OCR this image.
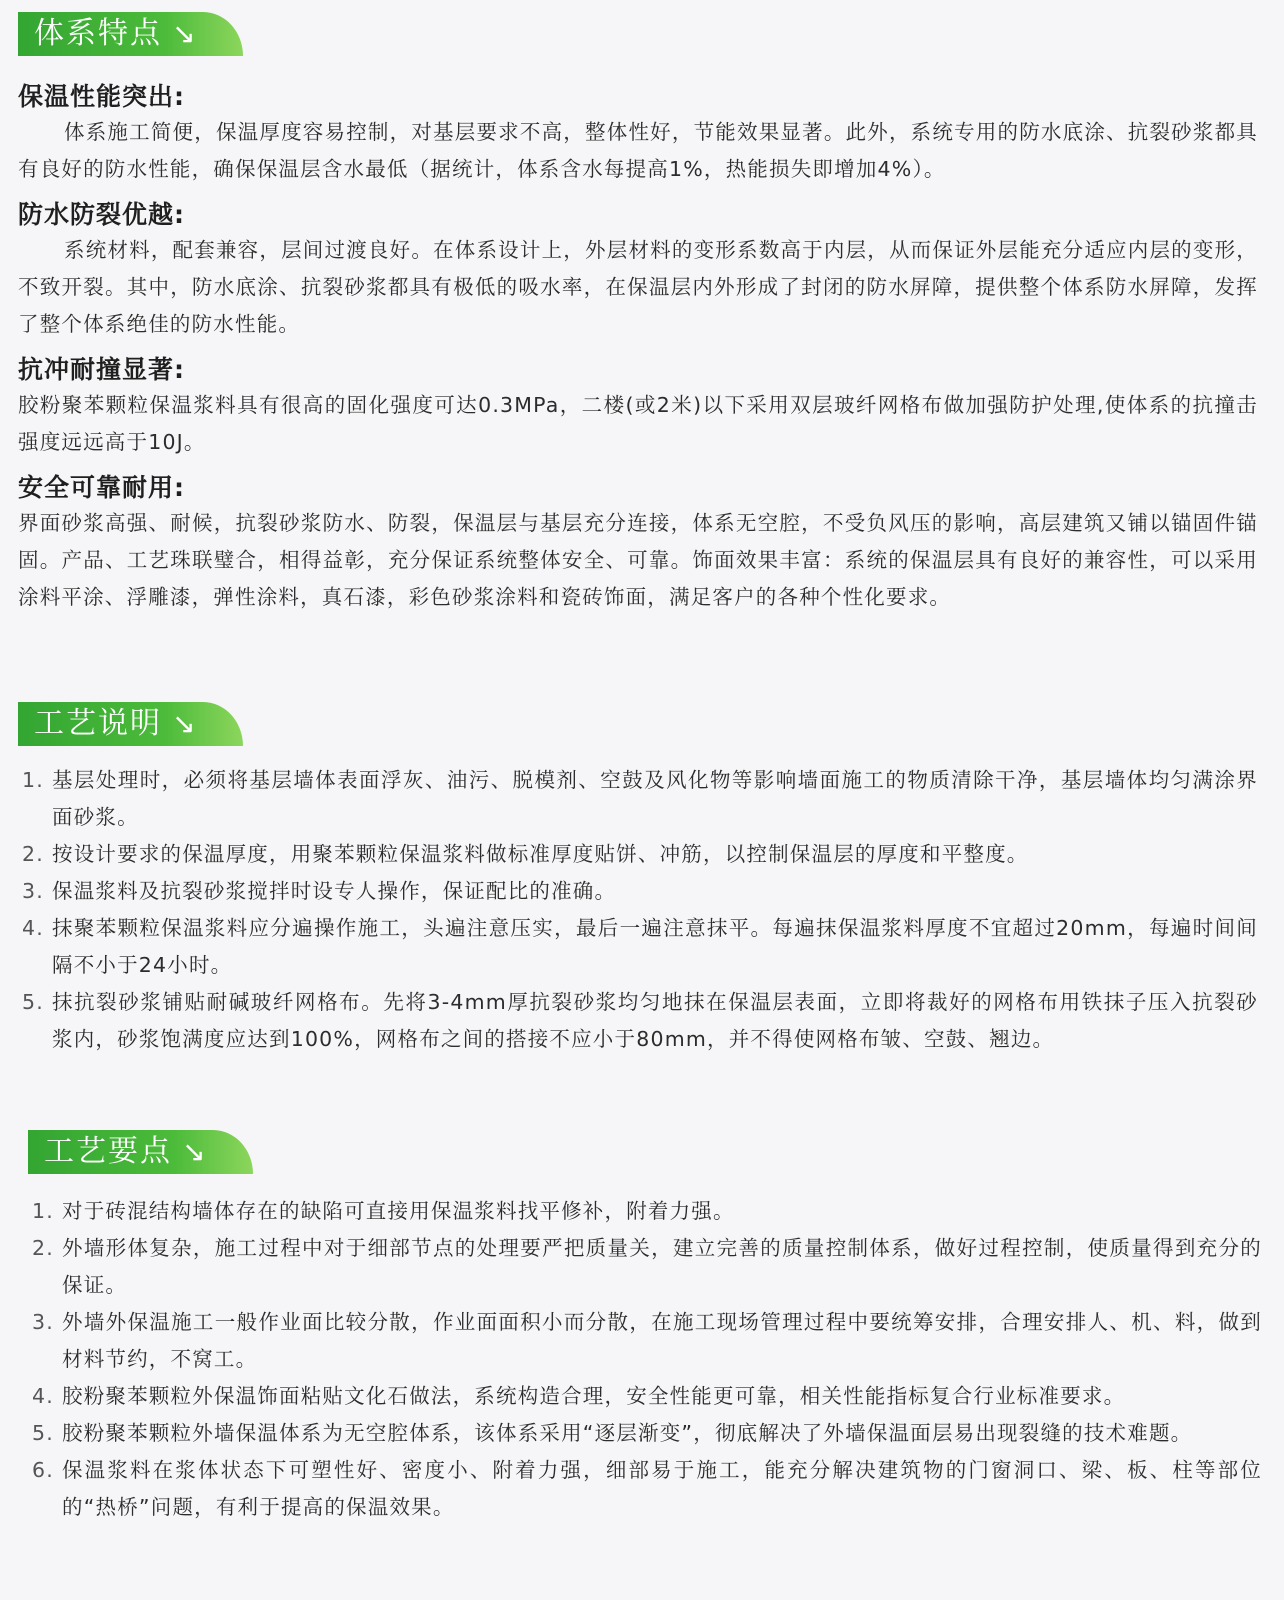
体系特点 ↘

保温性能突出:

体系施工简便，保温厚度容易控制，对基层要求不高，整体性好，节能效果显著。此外，系统专用的防水底涂、抗裂砂浆都具有良好的防水性能，确保保温层含水最低（据统计，体系含水每提高1%，热能损失即增加4%）。

防水防裂优越:

系统材料，配套兼容，层间过渡良好。在体系设计上，外层材料的变形系数高于内层，从而保证外层能充分适应内层的变形，不致开裂。其中，防水底涂、抗裂砂浆都具有极低的吸水率，在保温层内外形成了封闭的防水屏障，提供整个体系防水屏障，发挥了整个体系绝佳的防水性能。

抗冲耐撞显著:

胶粉聚苯颗粒保温浆料具有很高的固化强度可达0.3MPa，二楼(或2米)以下采用双层玻纤网格布做加强防护处理,使体系的抗撞击强度远远高于10J。

安全可靠耐用:

界面砂浆高强、耐候，抗裂砂浆防水、防裂，保温层与基层充分连接，体系无空腔，不受负风压的影响，高层建筑又铺以锚固件锚固。产品、工艺珠联璧合，相得益彰，充分保证系统整体安全、可靠。饰面效果丰富：系统的保温层具有良好的兼容性，可以采用涂料平涂、浮雕漆，弹性涂料，真石漆，彩色砂浆涂料和瓷砖饰面，满足客户的各种个性化要求。

工艺说明 ↘
1. 基层处理时，必须将基层墙体表面浮灰、油污、脱模剂、空鼓及风化物等影响墙面施工的物质清除干净，基层墙体均匀满涂界面砂浆。
2. 按设计要求的保温厚度，用聚苯颗粒保温浆料做标准厚度贴饼、冲筋，以控制保温层的厚度和平整度。
3. 保温浆料及抗裂砂浆搅拌时设专人操作，保证配比的准确。
4. 抹聚苯颗粒保温浆料应分遍操作施工，头遍注意压实，最后一遍注意抹平。每遍抹保温浆料厚度不宜超过20mm，每遍时间间隔不小于24小时。
5. 抹抗裂砂浆铺贴耐碱玻纤网格布。先将3-4mm厚抗裂砂浆均匀地抹在保温层表面，立即将裁好的网格布用铁抹子压入抗裂砂浆内，砂浆饱满度应达到100%，网格布之间的搭接不应小于80mm，并不得使网格布皱、空鼓、翘边。
工艺要点 ↘
1. 对于砖混结构墙体存在的缺陷可直接用保温浆料找平修补，附着力强。
2. 外墙形体复杂，施工过程中对于细部节点的处理要严把质量关，建立完善的质量控制体系，做好过程控制，使质量得到充分的保证。
3. 外墙外保温施工一般作业面比较分散，作业面面积小而分散，在施工现场管理过程中要统筹安排，合理安排人、机、料，做到材料节约，不窝工。
4. 胶粉聚苯颗粒外保温饰面粘贴文化石做法，系统构造合理，安全性能更可靠，相关性能指标复合行业标准要求。
5. 胶粉聚苯颗粒外墙保温体系为无空腔体系，该体系采用“逐层渐变”，彻底解决了外墙保温面层易出现裂缝的技术难题。
6. 保温浆料在浆体状态下可塑性好、密度小、附着力强，细部易于施工，能充分解决建筑物的门窗洞口、梁、板、柱等部位的“热桥”问题，有利于提高的保温效果。
